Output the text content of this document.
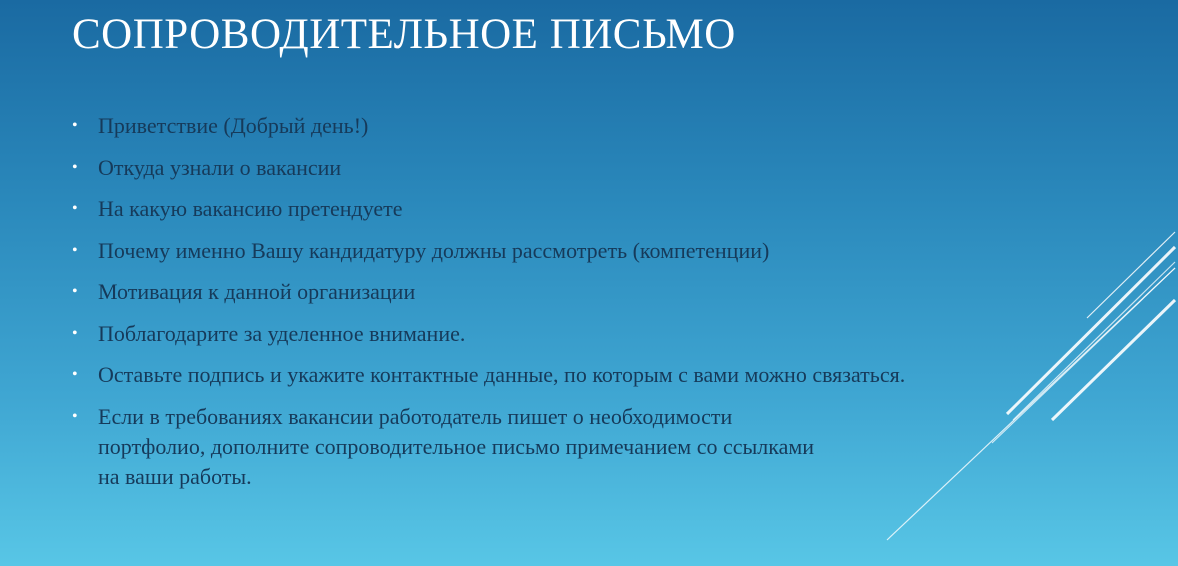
СОПРОВОДИТЕЛЬНОЕ ПИСЬМО
• Приветствие (Добрый день!)
• Откуда узнали о вакансии
• На какую вакансию претендуете
• Почему именно Вашу кандидатуру должны рассмотреть (компетенции)
• Мотивация к данной организации
• Поблагодарите за уделенное внимание.
• Оставьте подпись и укажите контактные данные, по которым с вами можно связаться.
• Если в требованиях вакансии работодатель пишет о необходимости портфолио, дополните сопроводительное письмо примечанием со ссылками на ваши работы.
